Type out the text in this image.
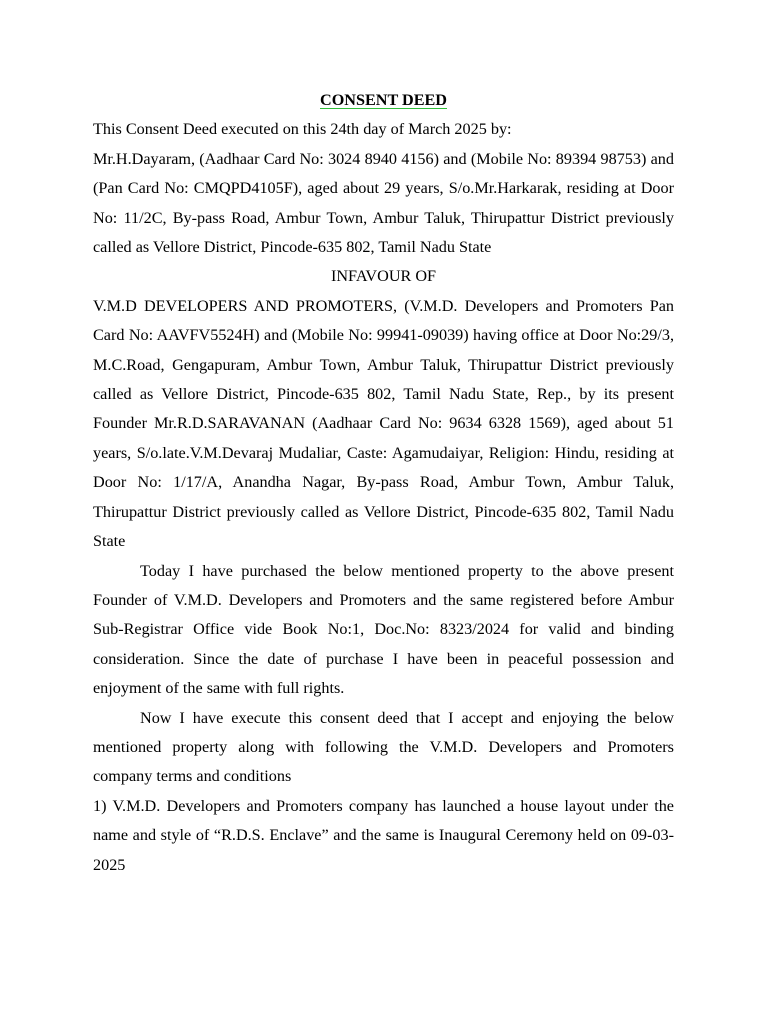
CONSENT DEED

This Consent Deed executed on this 24th day of March 2025 by:

Mr.H.Dayaram, (Aadhaar Card No: 3024 8940 4156) and (Mobile No: 89394 98753) and (Pan Card No: CMQPD4105F), aged about 29 years, S/o.Mr.Harkarak, residing at Door No: 11/2C, By-pass Road, Ambur Town, Ambur Taluk, Thirupattur District previously called as Vellore District, Pincode-635 802, Tamil Nadu State

INFAVOUR OF

V.M.D DEVELOPERS AND PROMOTERS, (V.M.D. Developers and Promoters Pan Card No: AAVFV5524H) and (Mobile No: 99941-09039) having office at Door No:29/3, M.C.Road, Gengapuram, Ambur Town, Ambur Taluk, Thirupattur District previously called as Vellore District, Pincode-635 802, Tamil Nadu State, Rep., by its present Founder Mr.R.D.SARAVANAN (Aadhaar Card No: 9634 6328 1569), aged about 51 years, S/o.late.V.M.Devaraj Mudaliar, Caste: Agamudaiyar, Religion: Hindu, residing at Door No: 1/17/A, Anandha Nagar, By-pass Road, Ambur Town, Ambur Taluk, Thirupattur District previously called as Vellore District, Pincode-635 802, Tamil Nadu State

Today I have purchased the below mentioned property to the above present Founder of V.M.D. Developers and Promoters and the same registered before Ambur Sub-Registrar Office vide Book No:1, Doc.No: 8323/2024 for valid and binding consideration. Since the date of purchase I have been in peaceful possession and enjoyment of the same with full rights.

Now I have execute this consent deed that I accept and enjoying the below mentioned property along with following the V.M.D. Developers and Promoters company terms and conditions

1) V.M.D. Developers and Promoters company has launched a house layout under the name and style of “R.D.S. Enclave” and the same is Inaugural Ceremony held on 09-03-2025
